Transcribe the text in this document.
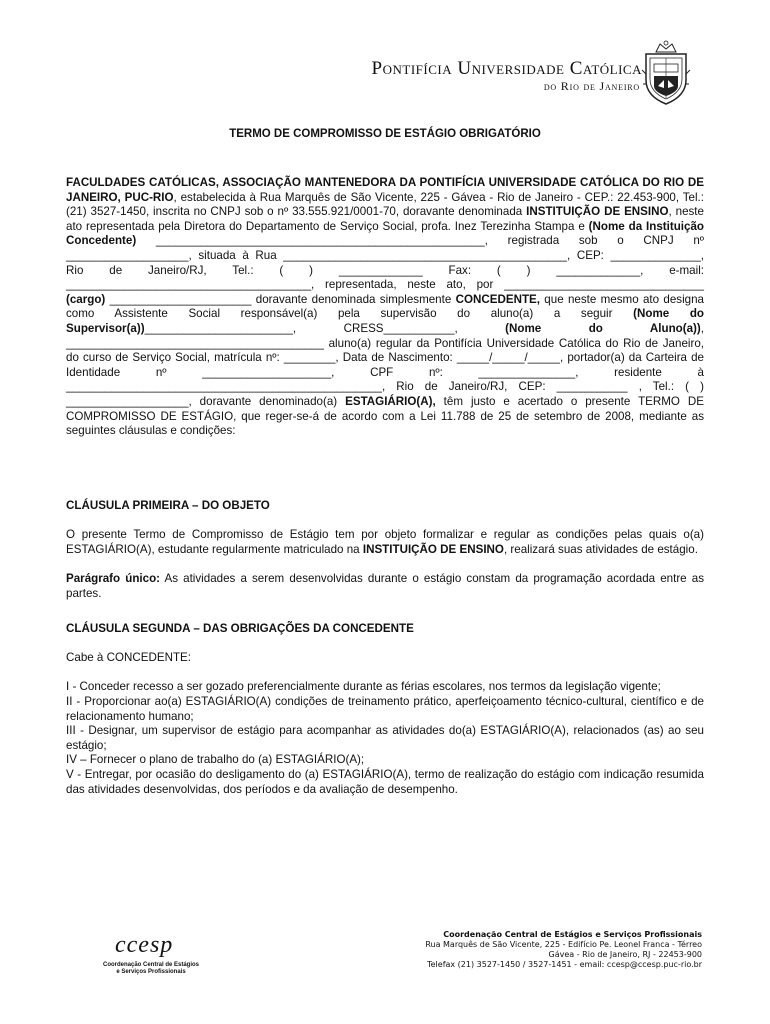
Pontifícia Universidade Católica
do Rio de Janeiro
TERMO DE COMPROMISSO DE ESTÁGIO OBRIGATÓRIO

FACULDADES CATÓLICAS, ASSOCIAÇÃO MANTENEDORA DA PONTIFÍCIA UNIVERSIDADE CATÓLICA DO RIO DE JANEIRO, PUC-RIO, estabelecida à Rua Marquês de São Vicente, 225 - Gávea - Rio de Janeiro - CEP.: 22.453-900, Tel.: (21) 3527-1450, inscrita no CNPJ sob o nº 33.555.921/0001-70, doravante denominada INSTITUIÇÃO DE ENSINO, neste ato representada pela Diretora do Departamento de Serviço Social, profa. Inez Terezinha Stampa e (Nome da Instituição Concedente) ___________________________________________________, registrada sob o CNPJ nº ___________________, situada à Rua ____________________________________________, CEP: ______________, Rio de Janeiro/RJ, Tel.: ( ) _____________ Fax: ( ) _____________, e-mail: ______________________________________, representada, neste ato, por _______________________________ (cargo) ______________________ doravante denominada simplesmente CONCEDENTE, que neste mesmo ato designa como Assistente Social responsável(a) pela supervisão do aluno(a) a seguir (Nome do Supervisor(a))_______________________, CRESS___________, (Nome do Aluno(a)), ________________________________________ aluno(a) regular da Pontifícia Universidade Católica do Rio de Janeiro, do curso de Serviço Social, matrícula nº: ________, Data de Nascimento: _____/_____/_____, portador(a) da Carteira de Identidade nº ____________________, CPF nº: _______________, residente à _________________________________________________, Rio de Janeiro/RJ, CEP: ___________ , Tel.: ( ) ___________________, doravante denominado(a) ESTAGIÁRIO(A), têm justo e acertado o presente TERMO DE COMPROMISSO DE ESTÁGIO, que reger-se-á de acordo com a Lei 11.788 de 25 de setembro de 2008, mediante as seguintes cláusulas e condições:

CLÁUSULA PRIMEIRA – DO OBJETO

O presente Termo de Compromisso de Estágio tem por objeto formalizar e regular as condições pelas quais o(a) ESTAGIÁRIO(A), estudante regularmente matriculado na INSTITUIÇÃO DE ENSINO, realizará suas atividades de estágio.

Parágrafo único: As atividades a serem desenvolvidas durante o estágio constam da programação acordada entre as partes.

CLÁUSULA SEGUNDA – DAS OBRIGAÇÕES DA CONCEDENTE

Cabe à CONCEDENTE:

I - Conceder recesso a ser gozado preferencialmente durante as férias escolares, nos termos da legislação vigente;

II - Proporcionar ao(a) ESTAGIÁRIO(A) condições de treinamento prático, aperfeiçoamento técnico-cultural, científico e de relacionamento humano;

III - Designar, um supervisor de estágio para acompanhar as atividades do(a) ESTAGIÁRIO(A), relacionados (as) ao seu estágio;

IV – Fornecer o plano de trabalho do (a) ESTAGIÁRIO(A);

V - Entregar, por ocasião do desligamento do (a) ESTAGIÁRIO(A), termo de realização do estágio com indicação resumida das atividades desenvolvidas, dos períodos e da avaliação de desempenho.

ccesp
Coordenação Central de Estágios
e Serviços Profissionais
Coordenação Central de Estágios e Serviços Profissionais
Rua Marquês de São Vicente, 225 - Edifício Pe. Leonel Franca - Térreo
Gávea - Rio de Janeiro, RJ - 22453-900
Telefax (21) 3527-1450 / 3527-1451 - email: ccesp@ccesp.puc-rio.br
